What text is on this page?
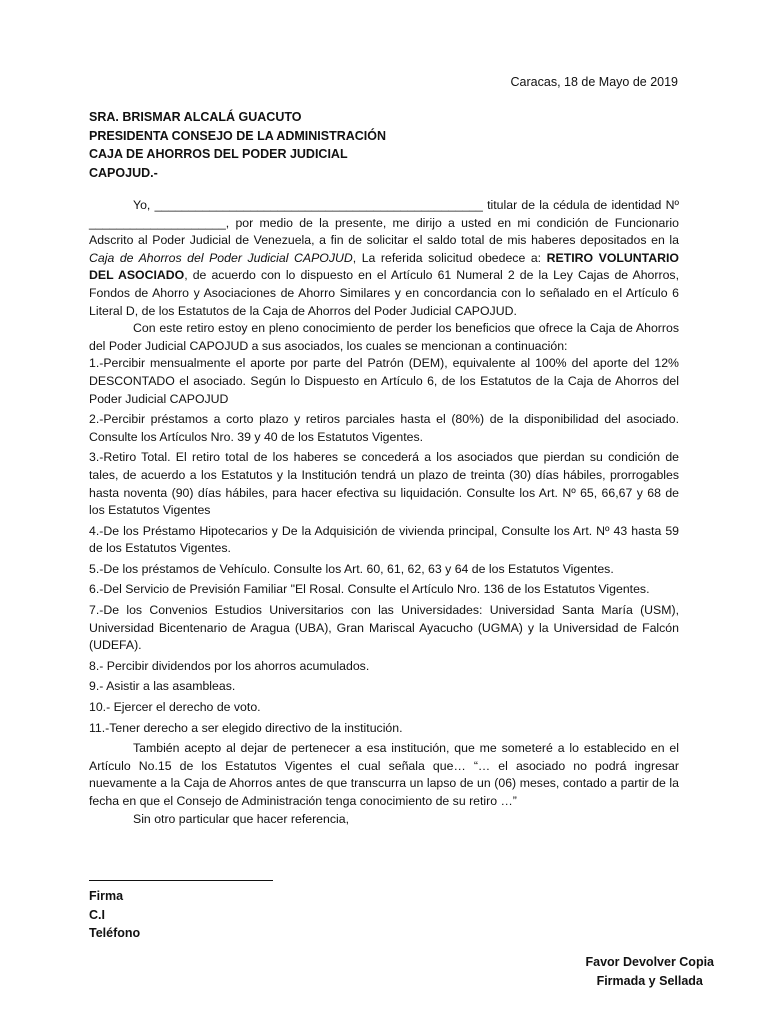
Caracas, 18 de Mayo de 2019
SRA. BRISMAR ALCALÁ GUACUTO
PRESIDENTA CONSEJO DE LA ADMINISTRACIÓN
CAJA DE AHORROS DEL PODER JUDICIAL
CAPOJUD.-

Yo, ________________________________________________ titular de la cédula de identidad Nº ____________________, por medio de la presente, me dirijo a usted en mi condición de Funcionario Adscrito al Poder Judicial de Venezuela, a fin de solicitar el saldo total de mis haberes depositados en la Caja de Ahorros del Poder Judicial CAPOJUD, La referida solicitud obedece a: RETIRO VOLUNTARIO DEL ASOCIADO, de acuerdo con lo dispuesto en el Artículo 61 Numeral 2 de la Ley Cajas de Ahorros, Fondos de Ahorro y Asociaciones de Ahorro Similares y en concordancia con lo señalado en el Artículo 6 Literal D, de los Estatutos de la Caja de Ahorros del Poder Judicial CAPOJUD.

Con este retiro estoy en pleno conocimiento de perder los beneficios que ofrece la Caja de Ahorros del Poder Judicial CAPOJUD a sus asociados, los cuales se mencionan a continuación:

1.-Percibir mensualmente el aporte por parte del Patrón (DEM), equivalente al 100% del aporte del 12% DESCONTADO el asociado. Según lo Dispuesto en Artículo 6, de los Estatutos de la Caja de Ahorros del Poder Judicial CAPOJUD

2.-Percibir préstamos a corto plazo y retiros parciales hasta el (80%) de la disponibilidad del asociado. Consulte los Artículos Nro. 39 y 40 de los Estatutos Vigentes.

3.-Retiro Total. El retiro total de los haberes se concederá a los asociados que pierdan su condición de tales, de acuerdo a los Estatutos y la Institución tendrá un plazo de treinta (30) días hábiles, prorrogables hasta noventa (90) días hábiles, para hacer efectiva su liquidación. Consulte los Art. Nº 65, 66,67 y 68 de los Estatutos Vigentes

4.-De los Préstamo Hipotecarios y De la Adquisición de vivienda principal, Consulte los Art. Nº 43 hasta 59 de los Estatutos Vigentes.

5.-De los préstamos de Vehículo. Consulte los Art. 60, 61, 62, 63 y 64 de los Estatutos Vigentes.

6.-Del Servicio de Previsión Familiar "El Rosal. Consulte el Artículo Nro. 136 de los Estatutos Vigentes.

7.-De los Convenios Estudios Universitarios con las Universidades: Universidad Santa María (USM), Universidad Bicentenario de Aragua (UBA), Gran Mariscal Ayacucho (UGMA) y la Universidad de Falcón (UDEFA).

8.- Percibir dividendos por los ahorros acumulados.

9.- Asistir a las asambleas.

10.- Ejercer el derecho de voto.

11.-Tener derecho a ser elegido directivo de la institución.

También acepto al dejar de pertenecer a esa institución, que me someteré a lo establecido en el Artículo No.15 de los Estatutos Vigentes el cual señala que… “… el asociado no podrá ingresar nuevamente a la Caja de Ahorros antes de que transcurra un lapso de un (06) meses, contado a partir de la fecha en que el Consejo de Administración tenga conocimiento de su retiro …”

Sin otro particular que hacer referencia,

Firma
C.I
Teléfono
Favor Devolver Copia
Firmada y Sellada
